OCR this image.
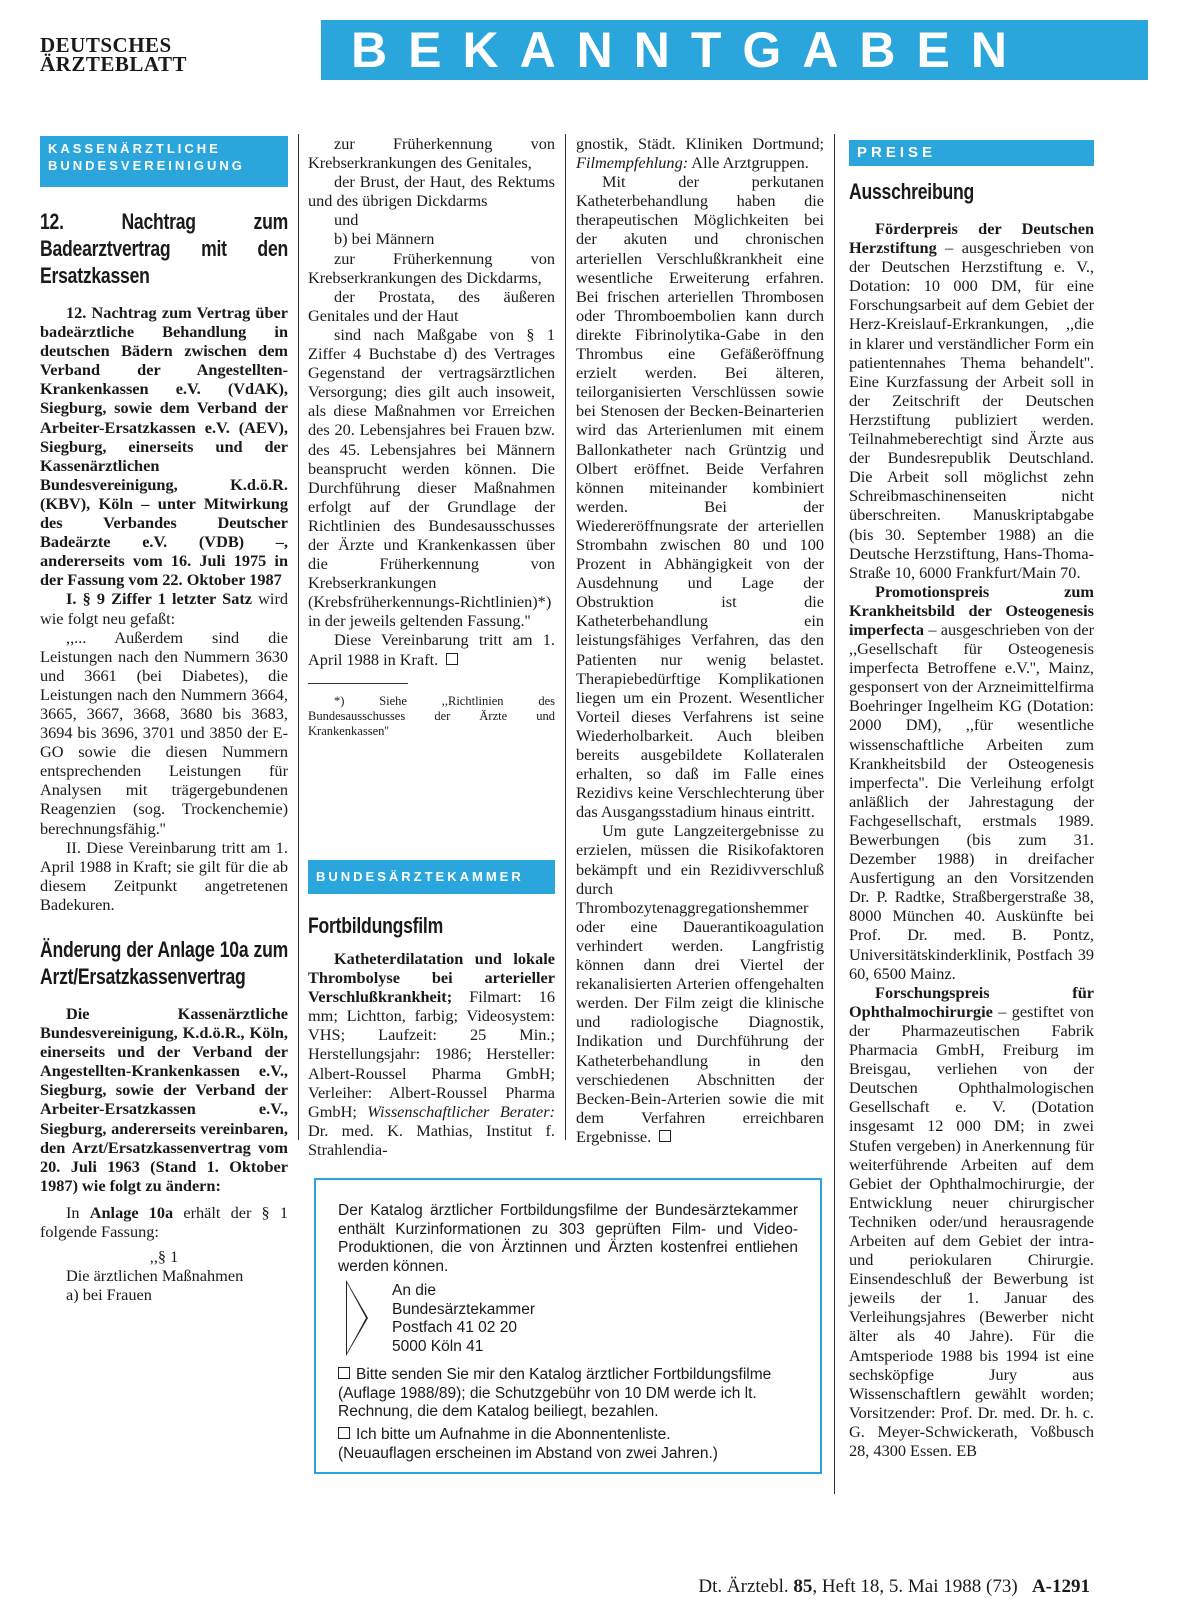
DEUTSCHES
ÄRZTEBLATT	BEKANNTGABEN
KASSENÄRZTLICHE
BUNDESVEREINIGUNG
12. Nachtrag zum Badearztvertrag mit den Ersatzkassen

12. Nachtrag zum Vertrag über badeärztliche Behandlung in deutschen Bädern zwischen dem Verband der Angestellten-Krankenkassen e.V. (VdAK), Siegburg, sowie dem Verband der Arbeiter-Ersatzkassen e.V. (AEV), Siegburg, einerseits und der Kassenärztlichen Bundesvereinigung, K.d.ö.R. (KBV), Köln – unter Mitwirkung des Verbandes Deutscher Badeärzte e.V. (VDB) –, andererseits vom 16. Juli 1975 in der Fassung vom 22. Oktober 1987

I. § 9 Ziffer 1 letzter Satz wird wie folgt neu gefaßt:

,,... Außerdem sind die Leistungen nach den Nummern 3630 und 3661 (bei Diabetes), die Leistungen nach den Nummern 3664, 3665, 3667, 3668, 3680 bis 3683, 3694 bis 3696, 3701 und 3850 der E-GO sowie die diesen Nummern entsprechenden Leistungen für Analysen mit trägergebundenen Reagenzien (sog. Trockenchemie) berechnungsfähig.''

II. Diese Vereinbarung tritt am 1. April 1988 in Kraft; sie gilt für die ab diesem Zeitpunkt angetretenen Badekuren.

Änderung der Anlage 10a zum Arzt/Ersatzkassenvertrag

Die Kassenärztliche Bundesvereinigung, K.d.ö.R., Köln, einerseits und der Verband der Angestellten-Krankenkassen e.V., Siegburg, sowie der Verband der Arbeiter-Ersatzkassen e.V., Siegburg, andererseits vereinbaren, den Arzt/Ersatzkassenvertrag vom 20. Juli 1963 (Stand 1. Oktober 1987) wie folgt zu ändern:

In Anlage 10a erhält der § 1 folgende Fassung:

,,§ 1

Die ärztlichen Maßnahmen

a) bei Frauen

zur Früherkennung von Krebserkrankungen des Genitales,

der Brust, der Haut, des Rektums und des übrigen Dickdarms

und

b) bei Männern

zur Früherkennung von Krebserkrankungen des Dickdarms,

der Prostata, des äußeren Genitales und der Haut

sind nach Maßgabe von § 1 Ziffer 4 Buchstabe d) des Vertrages Gegenstand der vertragsärztlichen Versorgung; dies gilt auch insoweit, als diese Maßnahmen vor Erreichen des 20. Lebensjahres bei Frauen bzw. des 45. Lebensjahres bei Männern beansprucht werden können. Die Durchführung dieser Maßnahmen erfolgt auf der Grundlage der Richtlinien des Bundesausschusses der Ärzte und Krankenkassen über die Früherkennung von Krebserkrankungen (Krebsfrüherkennungs-Richtlinien)*) in der jeweils geltenden Fassung.''

Diese Vereinbarung tritt am 1. April 1988 in Kraft.

*) Siehe ,,Richtlinien des Bundesausschusses der Ärzte und Krankenkassen''

BUNDESÄRZTEKAMMER
Fortbildungsfilm

Katheterdilatation und lokale Thrombolyse bei arterieller Verschlußkrankheit; Filmart: 16 mm; Lichtton, farbig; Videosystem: VHS; Laufzeit: 25 Min.; Herstellungsjahr: 1986; Hersteller: Albert-Roussel Pharma GmbH; Verleiher: Albert-Roussel Pharma GmbH; Wissenschaftlicher Berater: Dr. med. K. Mathias, Institut f. Strahlendia-

gnostik, Städt. Kliniken Dortmund; Filmempfehlung: Alle Arztgruppen.

Mit der perkutanen Katheterbehandlung haben die therapeutischen Möglichkeiten bei der akuten und chronischen arteriellen Verschlußkrankheit eine wesentliche Erweiterung erfahren. Bei frischen arteriellen Thrombosen oder Thromboembolien kann durch direkte Fibrinolytika-Gabe in den Thrombus eine Gefäßeröffnung erzielt werden. Bei älteren, teilorganisierten Verschlüssen sowie bei Stenosen der Becken-Beinarterien wird das Arterienlumen mit einem Ballonkatheter nach Grüntzig und Olbert eröffnet. Beide Verfahren können miteinander kombiniert werden. Bei der Wiedereröffnungsrate der arteriellen Strombahn zwischen 80 und 100 Prozent in Abhängigkeit von der Ausdehnung und Lage der Obstruktion ist die Katheterbehandlung ein leistungsfähiges Verfahren, das den Patienten nur wenig belastet. Therapiebedürftige Komplikationen liegen um ein Prozent. Wesentlicher Vorteil dieses Verfahrens ist seine Wiederholbarkeit. Auch bleiben bereits ausgebildete Kollateralen erhalten, so daß im Falle eines Rezidivs keine Verschlechterung über das Ausgangsstadium hinaus eintritt.

Um gute Langzeitergebnisse zu erzielen, müssen die Risikofaktoren bekämpft und ein Rezidivverschluß durch Thrombozytenaggregationshemmer oder eine Dauerantikoagulation verhindert werden. Langfristig können dann drei Viertel der rekanalisierten Arterien offengehalten werden. Der Film zeigt die klinische und radiologische Diagnostik, Indikation und Durchführung der Katheterbehandlung in den verschiedenen Abschnitten der Becken-Bein-Arterien sowie die mit dem Verfahren erreichbaren Ergebnisse.

Der Katalog ärztlicher Fortbildungsfilme der Bundesärztekammer enthält Kurzinformationen zu 303 geprüften Film- und Video-Produktionen, die von Ärztinnen und Ärzten kostenfrei entliehen werden können.

An die

Bundesärztekammer

Postfach 41 02 20

5000 Köln 41

Bitte senden Sie mir den Katalog ärztlicher Fortbildungsfilme (Auflage 1988/89); die Schutzgebühr von 10 DM werde ich lt. Rechnung, die dem Katalog beiliegt, bezahlen.
Ich bitte um Aufnahme in die Abonnentenliste.
(Neuauflagen erscheinen im Abstand von zwei Jahren.)
PREISE
Ausschreibung

Förderpreis der Deutschen Herzstiftung – ausgeschrieben von der Deutschen Herzstiftung e. V., Dotation: 10 000 DM, für eine Forschungsarbeit auf dem Gebiet der Herz-Kreislauf-Erkrankungen, ,,die in klarer und verständlicher Form ein patientennahes Thema behandelt''. Eine Kurzfassung der Arbeit soll in der Zeitschrift der Deutschen Herzstiftung publiziert werden. Teilnahmeberechtigt sind Ärzte aus der Bundesrepublik Deutschland. Die Arbeit soll möglichst zehn Schreibmaschinenseiten nicht überschreiten. Manuskriptabgabe (bis 30. September 1988) an die Deutsche Herzstiftung, Hans-Thoma-Straße 10, 6000 Frankfurt/Main 70.

Promotionspreis zum Krankheitsbild der Osteogenesis imperfecta – ausgeschrieben von der ,,Gesellschaft für Osteogenesis imperfecta Betroffene e.V.'', Mainz, gesponsert von der Arzneimittelfirma Boehringer Ingelheim KG (Dotation: 2000 DM), ,,für wesentliche wissenschaftliche Arbeiten zum Krankheitsbild der Osteogenesis imperfecta''. Die Verleihung erfolgt anläßlich der Jahrestagung der Fachgesellschaft, erstmals 1989. Bewerbungen (bis zum 31. Dezember 1988) in dreifacher Ausfertigung an den Vorsitzenden Dr. P. Radtke, Straßbergerstraße 38, 8000 München 40. Auskünfte bei Prof. Dr. med. B. Pontz, Universitätskinderklinik, Postfach 39 60, 6500 Mainz.

Forschungspreis für Ophthalmochirurgie – gestiftet von der Pharmazeutischen Fabrik Pharmacia GmbH, Freiburg im Breisgau, verliehen von der Deutschen Ophthalmologischen Gesellschaft e. V. (Dotation insgesamt 12 000 DM; in zwei Stufen vergeben) in Anerkennung für weiterführende Arbeiten auf dem Gebiet der Ophthalmochirurgie, der Entwicklung neuer chirurgischer Techniken oder/und herausragende Arbeiten auf dem Gebiet der intra- und periokularen Chirurgie. Einsendeschluß der Bewerbung ist jeweils der 1. Januar des Verleihungsjahres (Bewerber nicht älter als 40 Jahre). Für die Amtsperiode 1988 bis 1994 ist eine sechsköpfige Jury aus Wissenschaftlern gewählt worden; Vorsitzender: Prof. Dr. med. Dr. h. c. G. Meyer-Schwickerath, Voßbusch 28, 4300 Essen. EB

Dt. Ärztebl. 85, Heft 18, 5. Mai 1988 (73) A-1291
